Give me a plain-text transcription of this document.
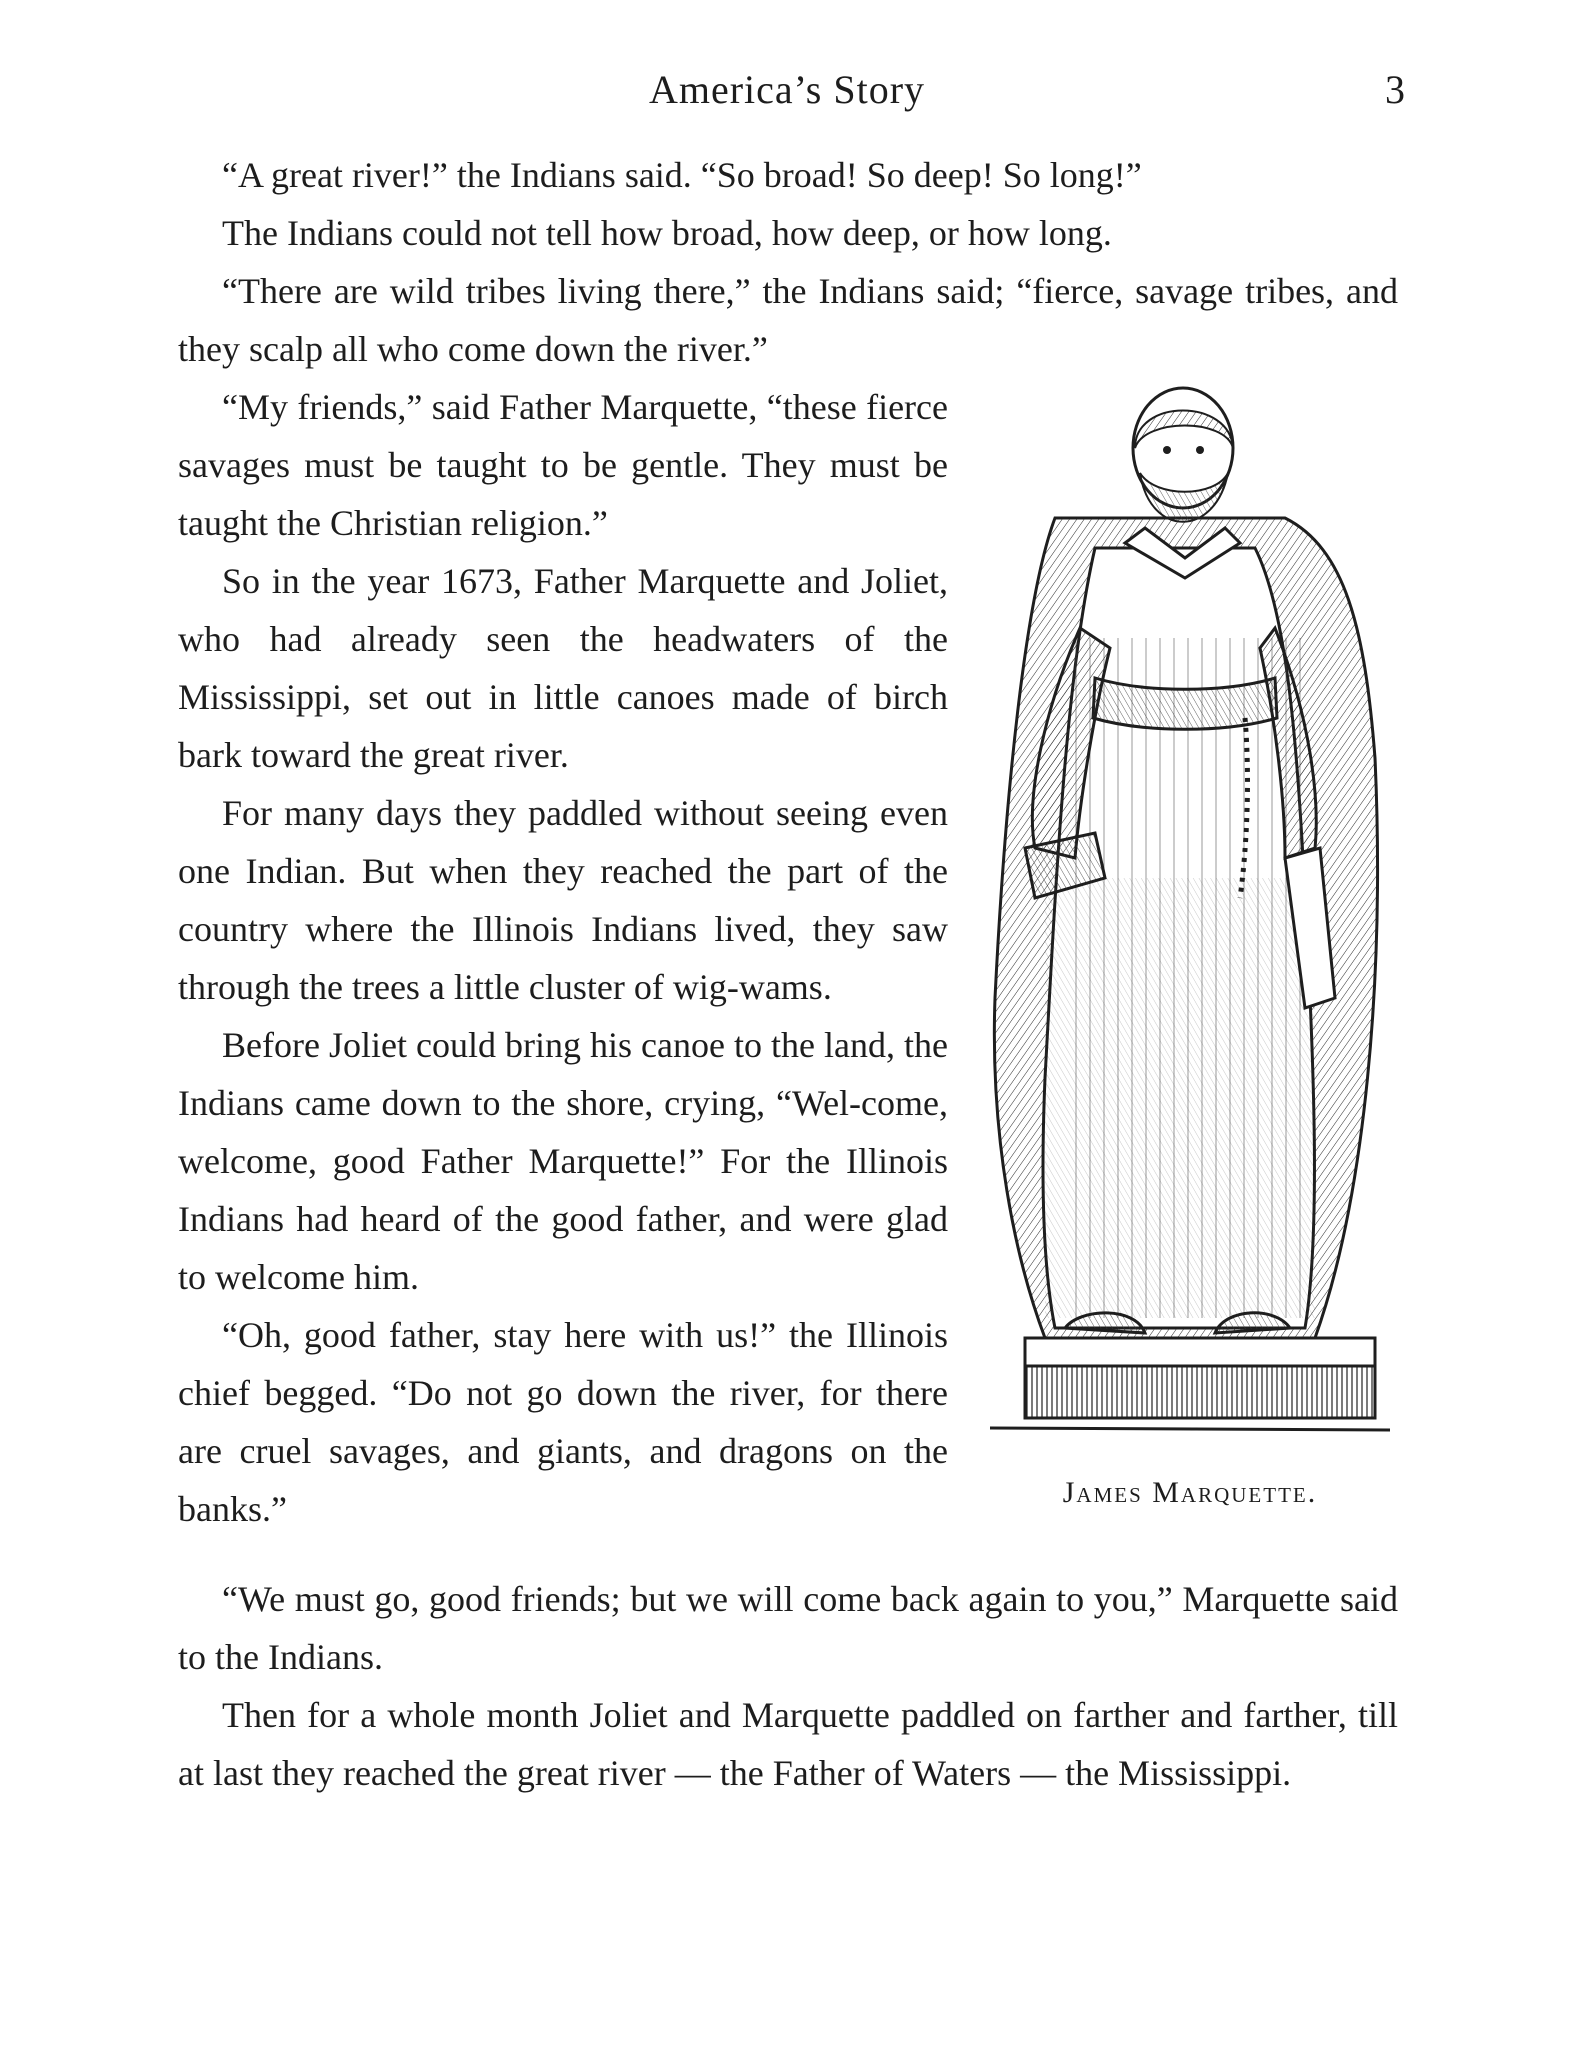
America’s Story	3

“A great river!” the Indians said. “So broad! So deep! So long!”

The Indians could not tell how broad, how deep, or how long.

“There are wild tribes living there,” the Indians said; “fierce, savage tribes, and they scalp all who come down the river.”

“My friends,” said Father Marquette, “these fierce savages must be taught to be gentle. They must be taught the Christian religion.”

So in the year 1673, Father Marquette and Joliet, who had already seen the headwaters of the Mississippi, set out in little canoes made of birch bark toward the great river.

For many days they paddled without seeing even one Indian. But when they reached the part of the country where the Illinois Indians lived, they saw through the trees a little cluster of wig-wams.

Before Joliet could bring his canoe to the land, the Indians came down to the shore, crying, “Wel-come, welcome, good Father Marquette!” For the Illinois Indians had heard of the good father, and were glad to welcome him.

“Oh, good father, stay here with us!” the Illinois chief begged. “Do not go down the river, for there are cruel savages, and giants, and dragons on the banks.”	James Marquette.

“We must go, good friends; but we will come back again to you,” Marquette said to the Indians.

Then for a whole month Joliet and Marquette paddled on farther and farther, till at last they reached the great river — the Father of Waters — the Mississippi.
